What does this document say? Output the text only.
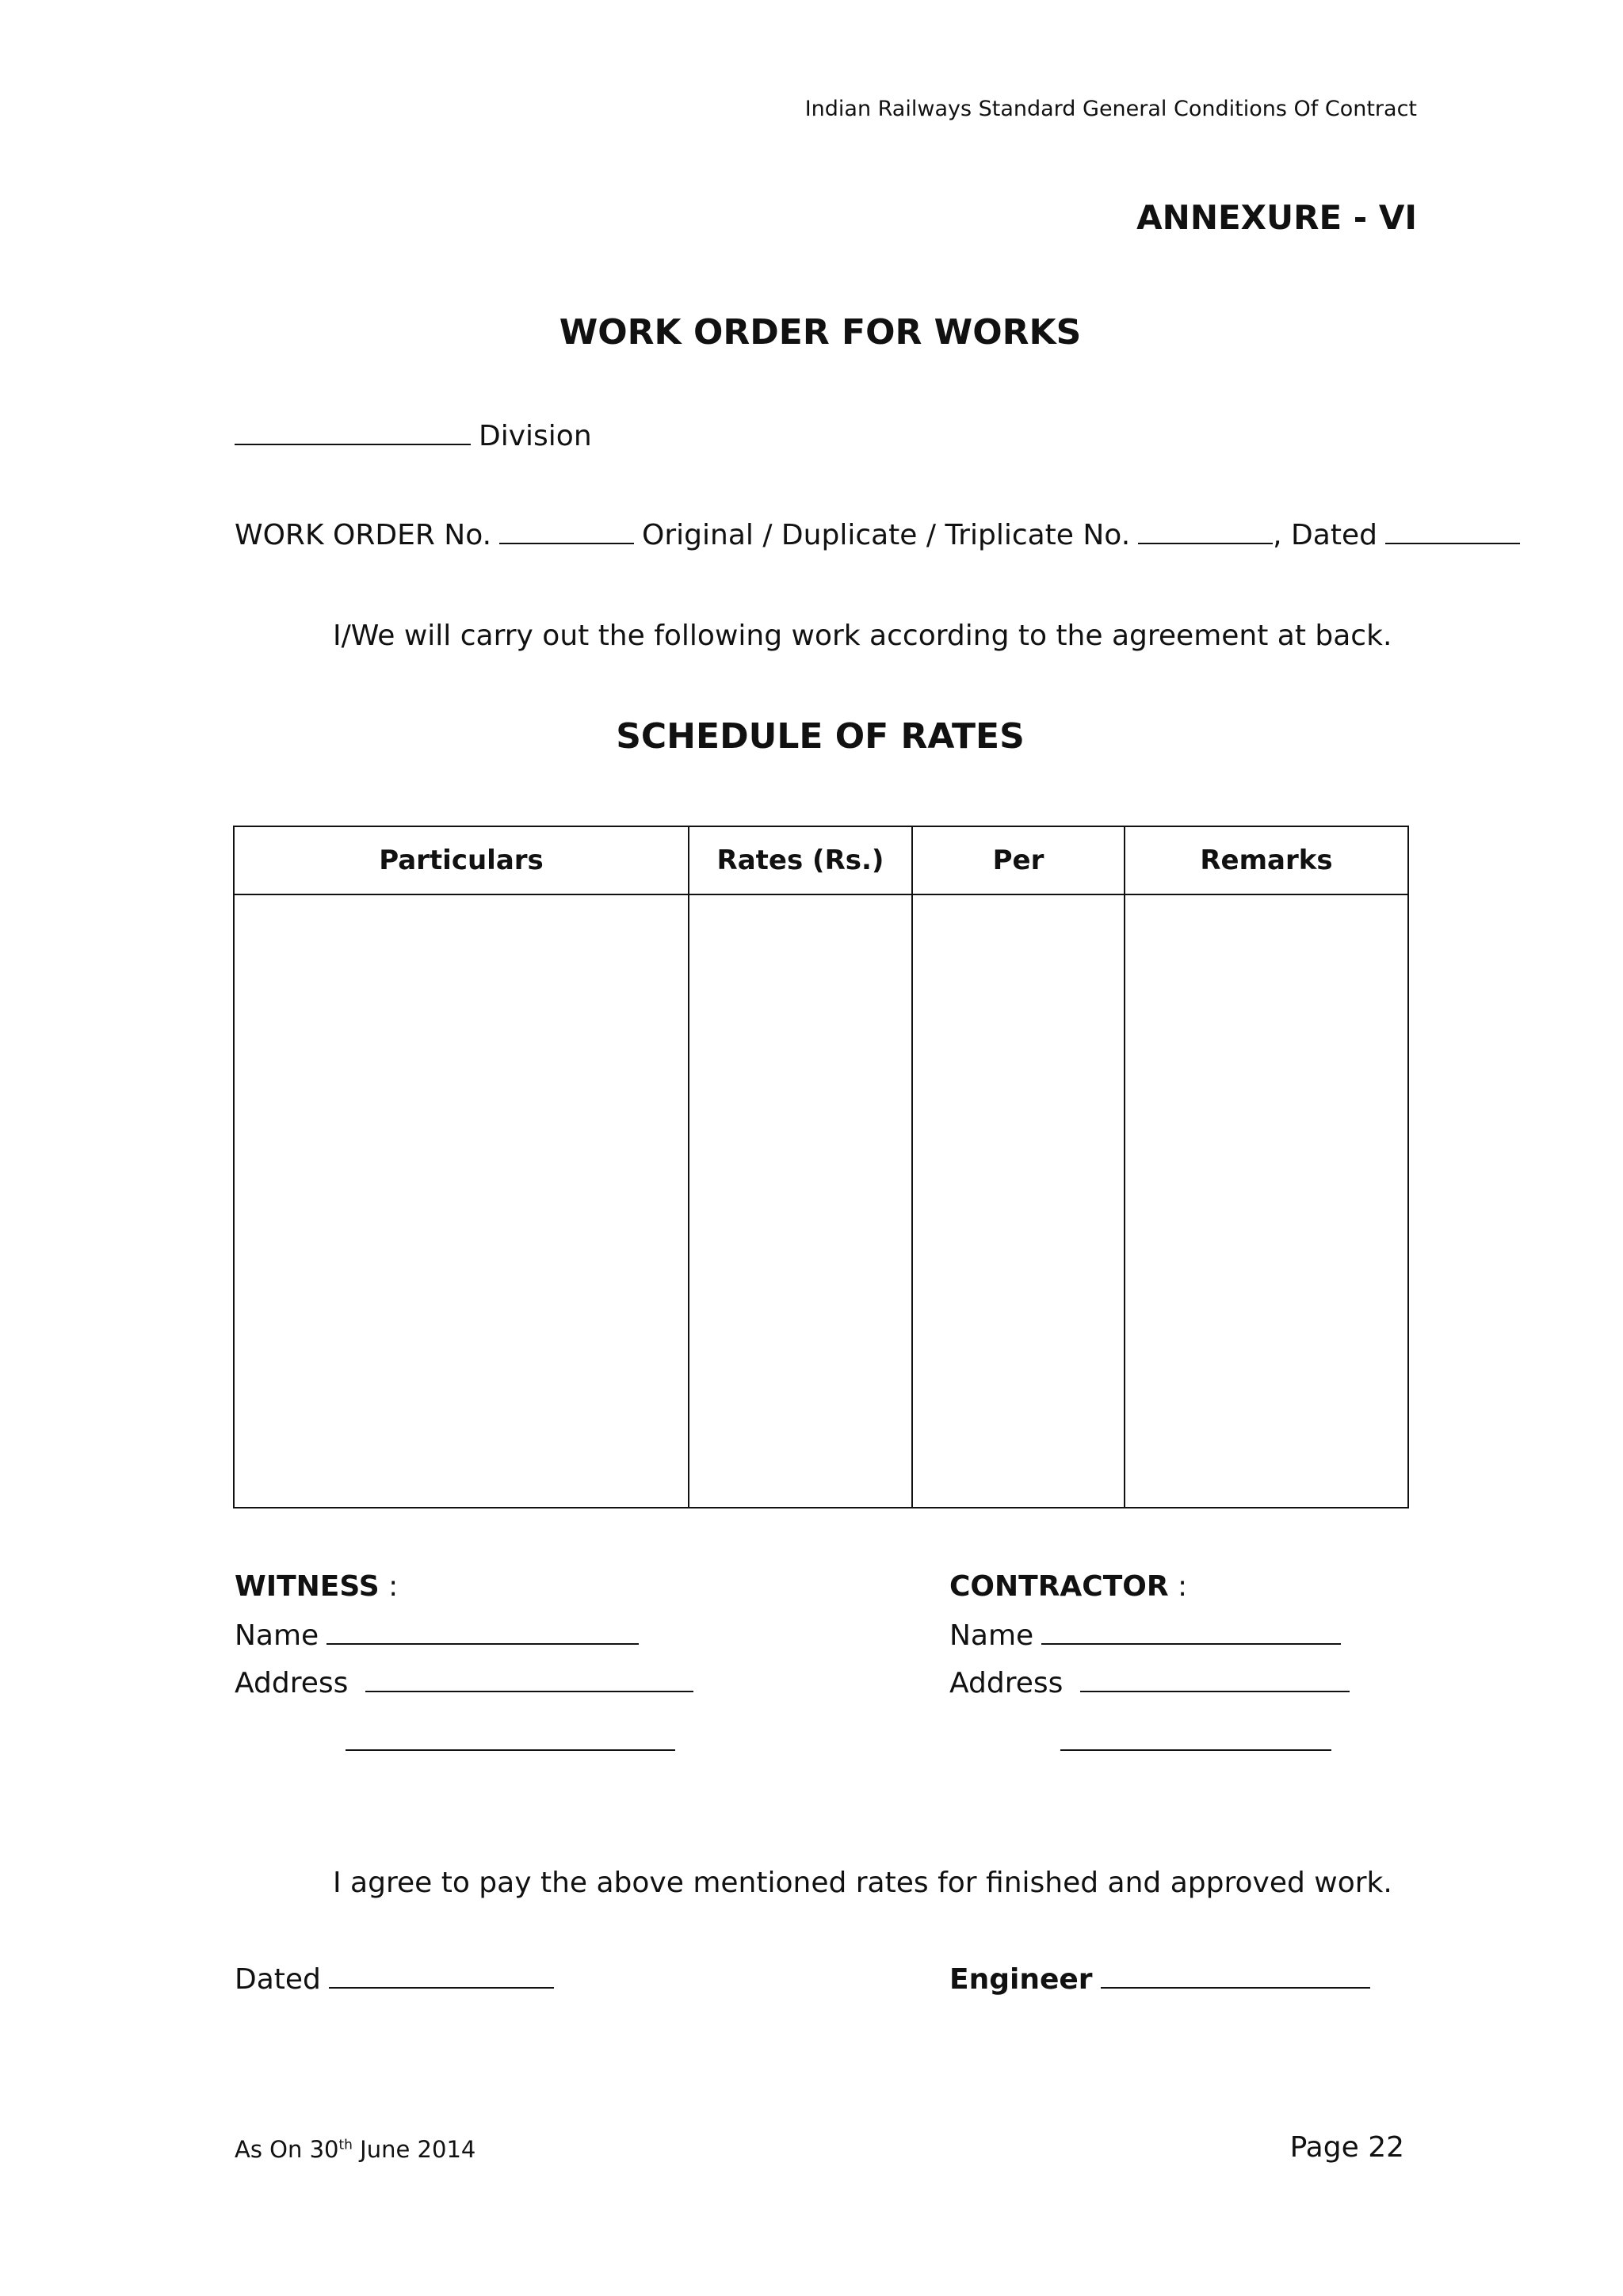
Indian Railways Standard General Conditions Of Contract
ANNEXURE - VI
WORK ORDER FOR WORKS
Division
WORK ORDER No.	Original / Duplicate / Triplicate No.	, Dated
I/We will carry out the following work according to the agreement at back.
SCHEDULE OF RATES
Particulars	Rates (Rs.)	Per	Remarks

WITNESS :
Name
Address
CONTRACTOR :
Name
Address
I agree to pay the above mentioned rates for finished and approved work.
Dated	Engineer
As On 30th June 2014	Page 22
